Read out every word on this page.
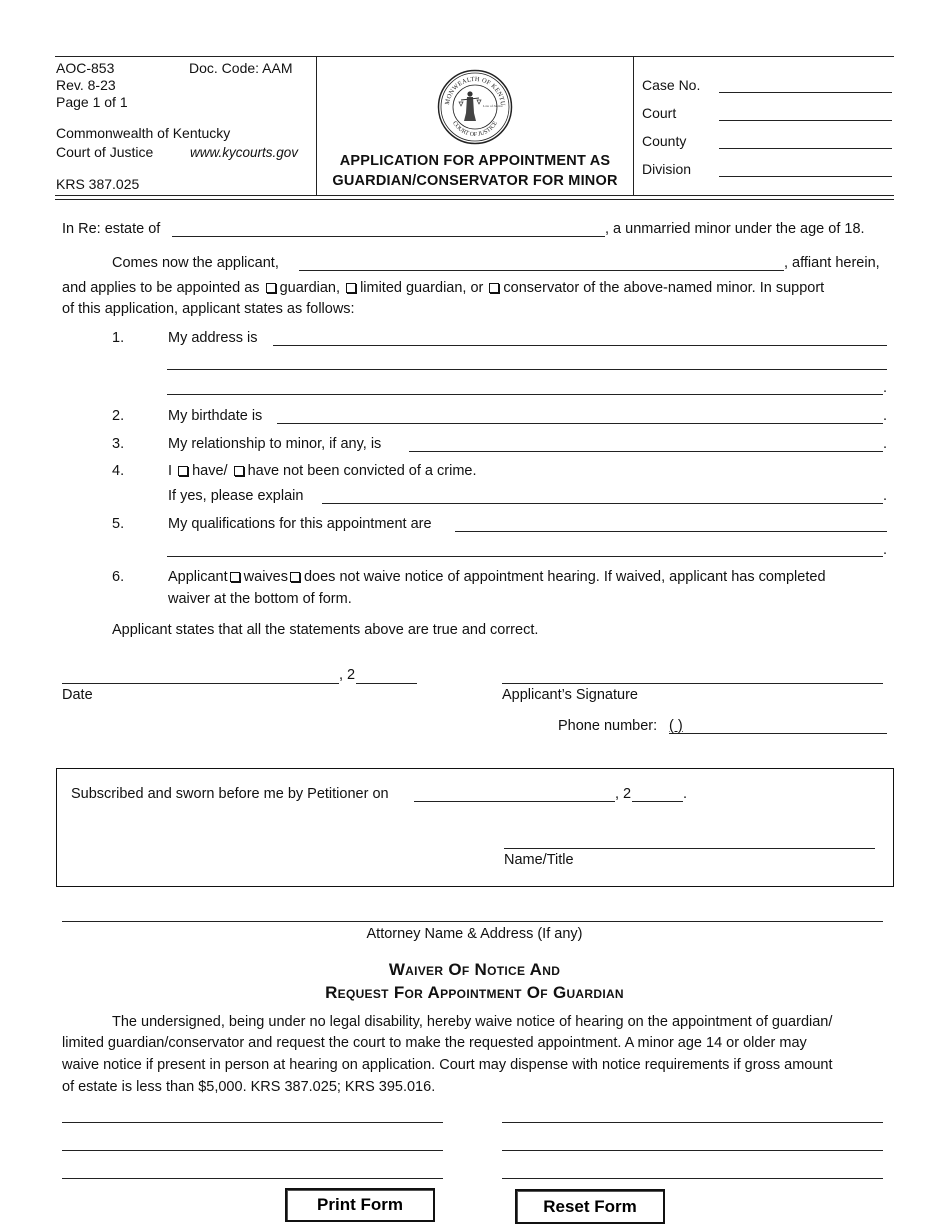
AOC-853	Doc. Code: AAM
Rev. 8-23
Page 1 of 1
Commonwealth of Kentucky
Court of Justice	www.kycourts.gov
KRS 387.025
MONWEALTH OF KENTU
COURT OF JUSTICE
Law of Justice
APPLICATION FOR APPOINTMENT AS
GUARDIAN/CONSERVATOR FOR MINOR
Case No.
Court
County
Division
In Re: estate of	, a unmarried minor under the age of 18.
Comes now the applicant,	, affiant herein,
and applies to be appointed as guardian, limited guardian, or conservator of the above-named minor. In support
of this application, applicant states as follows:
1.	My address is
.
2.	My birthdate is	.
3.	My relationship to minor, if any, is	.
4.	I have/ have not been convicted of a crime.
If yes, please explain	.
5.	My qualifications for this appointment are
.
6.	Applicant waives does not waive notice of appointment hearing. If waived, applicant has completed
waiver at the bottom of form.
Applicant states that all the statements above are true and correct.
, 2
Date	Applicant’s Signature
Phone number: ( )
Subscribed and sworn before me by Petitioner on	, 2	.
Name/Title
Attorney Name & Address (If any)
Waiver Of Notice And
Request For Appointment Of Guardian
The undersigned, being under no legal disability, hereby waive notice of hearing on the appointment of guardian/
limited guardian/conservator and request the court to make the requested appointment. A minor age 14 or older may
waive notice if present in person at hearing on application. Court may dispense with notice requirements if gross amount
of estate is less than $5,000. KRS 387.025; KRS 395.016.
Print Form	Reset Form
